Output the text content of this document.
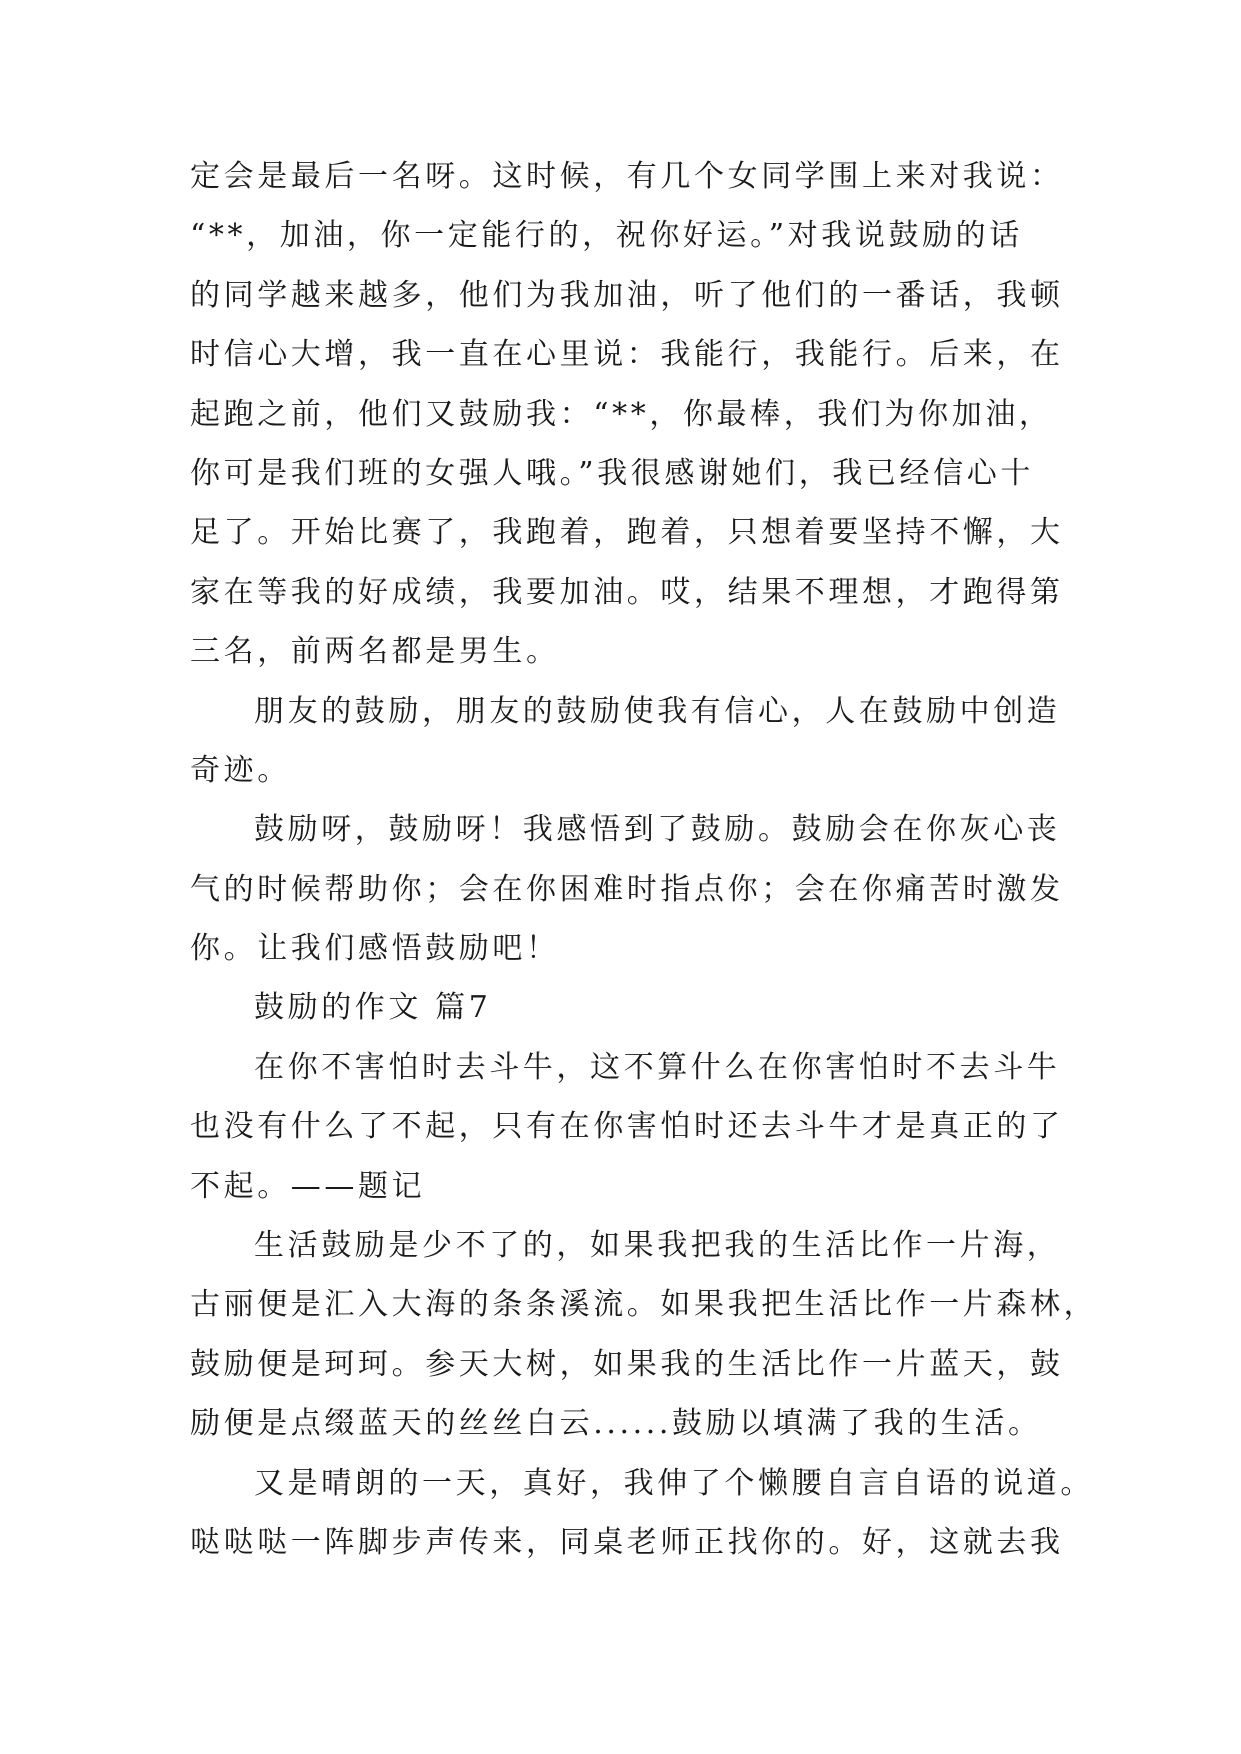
定会是最后一名呀。这时候，有几个女同学围上来对我说：
“**，加油，你一定能行的，祝你好运。”对我说鼓励的话
的同学越来越多，他们为我加油，听了他们的一番话，我顿
时信心大增，我一直在心里说：我能行，我能行。后来，在
起跑之前，他们又鼓励我：“**，你最棒，我们为你加油，
你可是我们班的女强人哦。”我很感谢她们，我已经信心十
足了。开始比赛了，我跑着，跑着，只想着要坚持不懈，大
家在等我的好成绩，我要加油。哎，结果不理想，才跑得第
三名，前两名都是男生。
朋友的鼓励，朋友的鼓励使我有信心，人在鼓励中创造
奇迹。
鼓励呀，鼓励呀！我感悟到了鼓励。鼓励会在你灰心丧
气的时候帮助你；会在你困难时指点你；会在你痛苦时激发
你。让我们感悟鼓励吧！
鼓励的作文 篇7
在你不害怕时去斗牛，这不算什么在你害怕时不去斗牛
也没有什么了不起，只有在你害怕时还去斗牛才是真正的了
不起。——题记
生活鼓励是少不了的，如果我把我的生活比作一片海，
古丽便是汇入大海的条条溪流。如果我把生活比作一片森林，
鼓励便是珂珂。参天大树，如果我的生活比作一片蓝天，鼓
励便是点缀蓝天的丝丝白云......鼓励以填满了我的生活。
又是晴朗的一天，真好，我伸了个懒腰自言自语的说道。
哒哒哒一阵脚步声传来，同桌老师正找你的。好，这就去我
